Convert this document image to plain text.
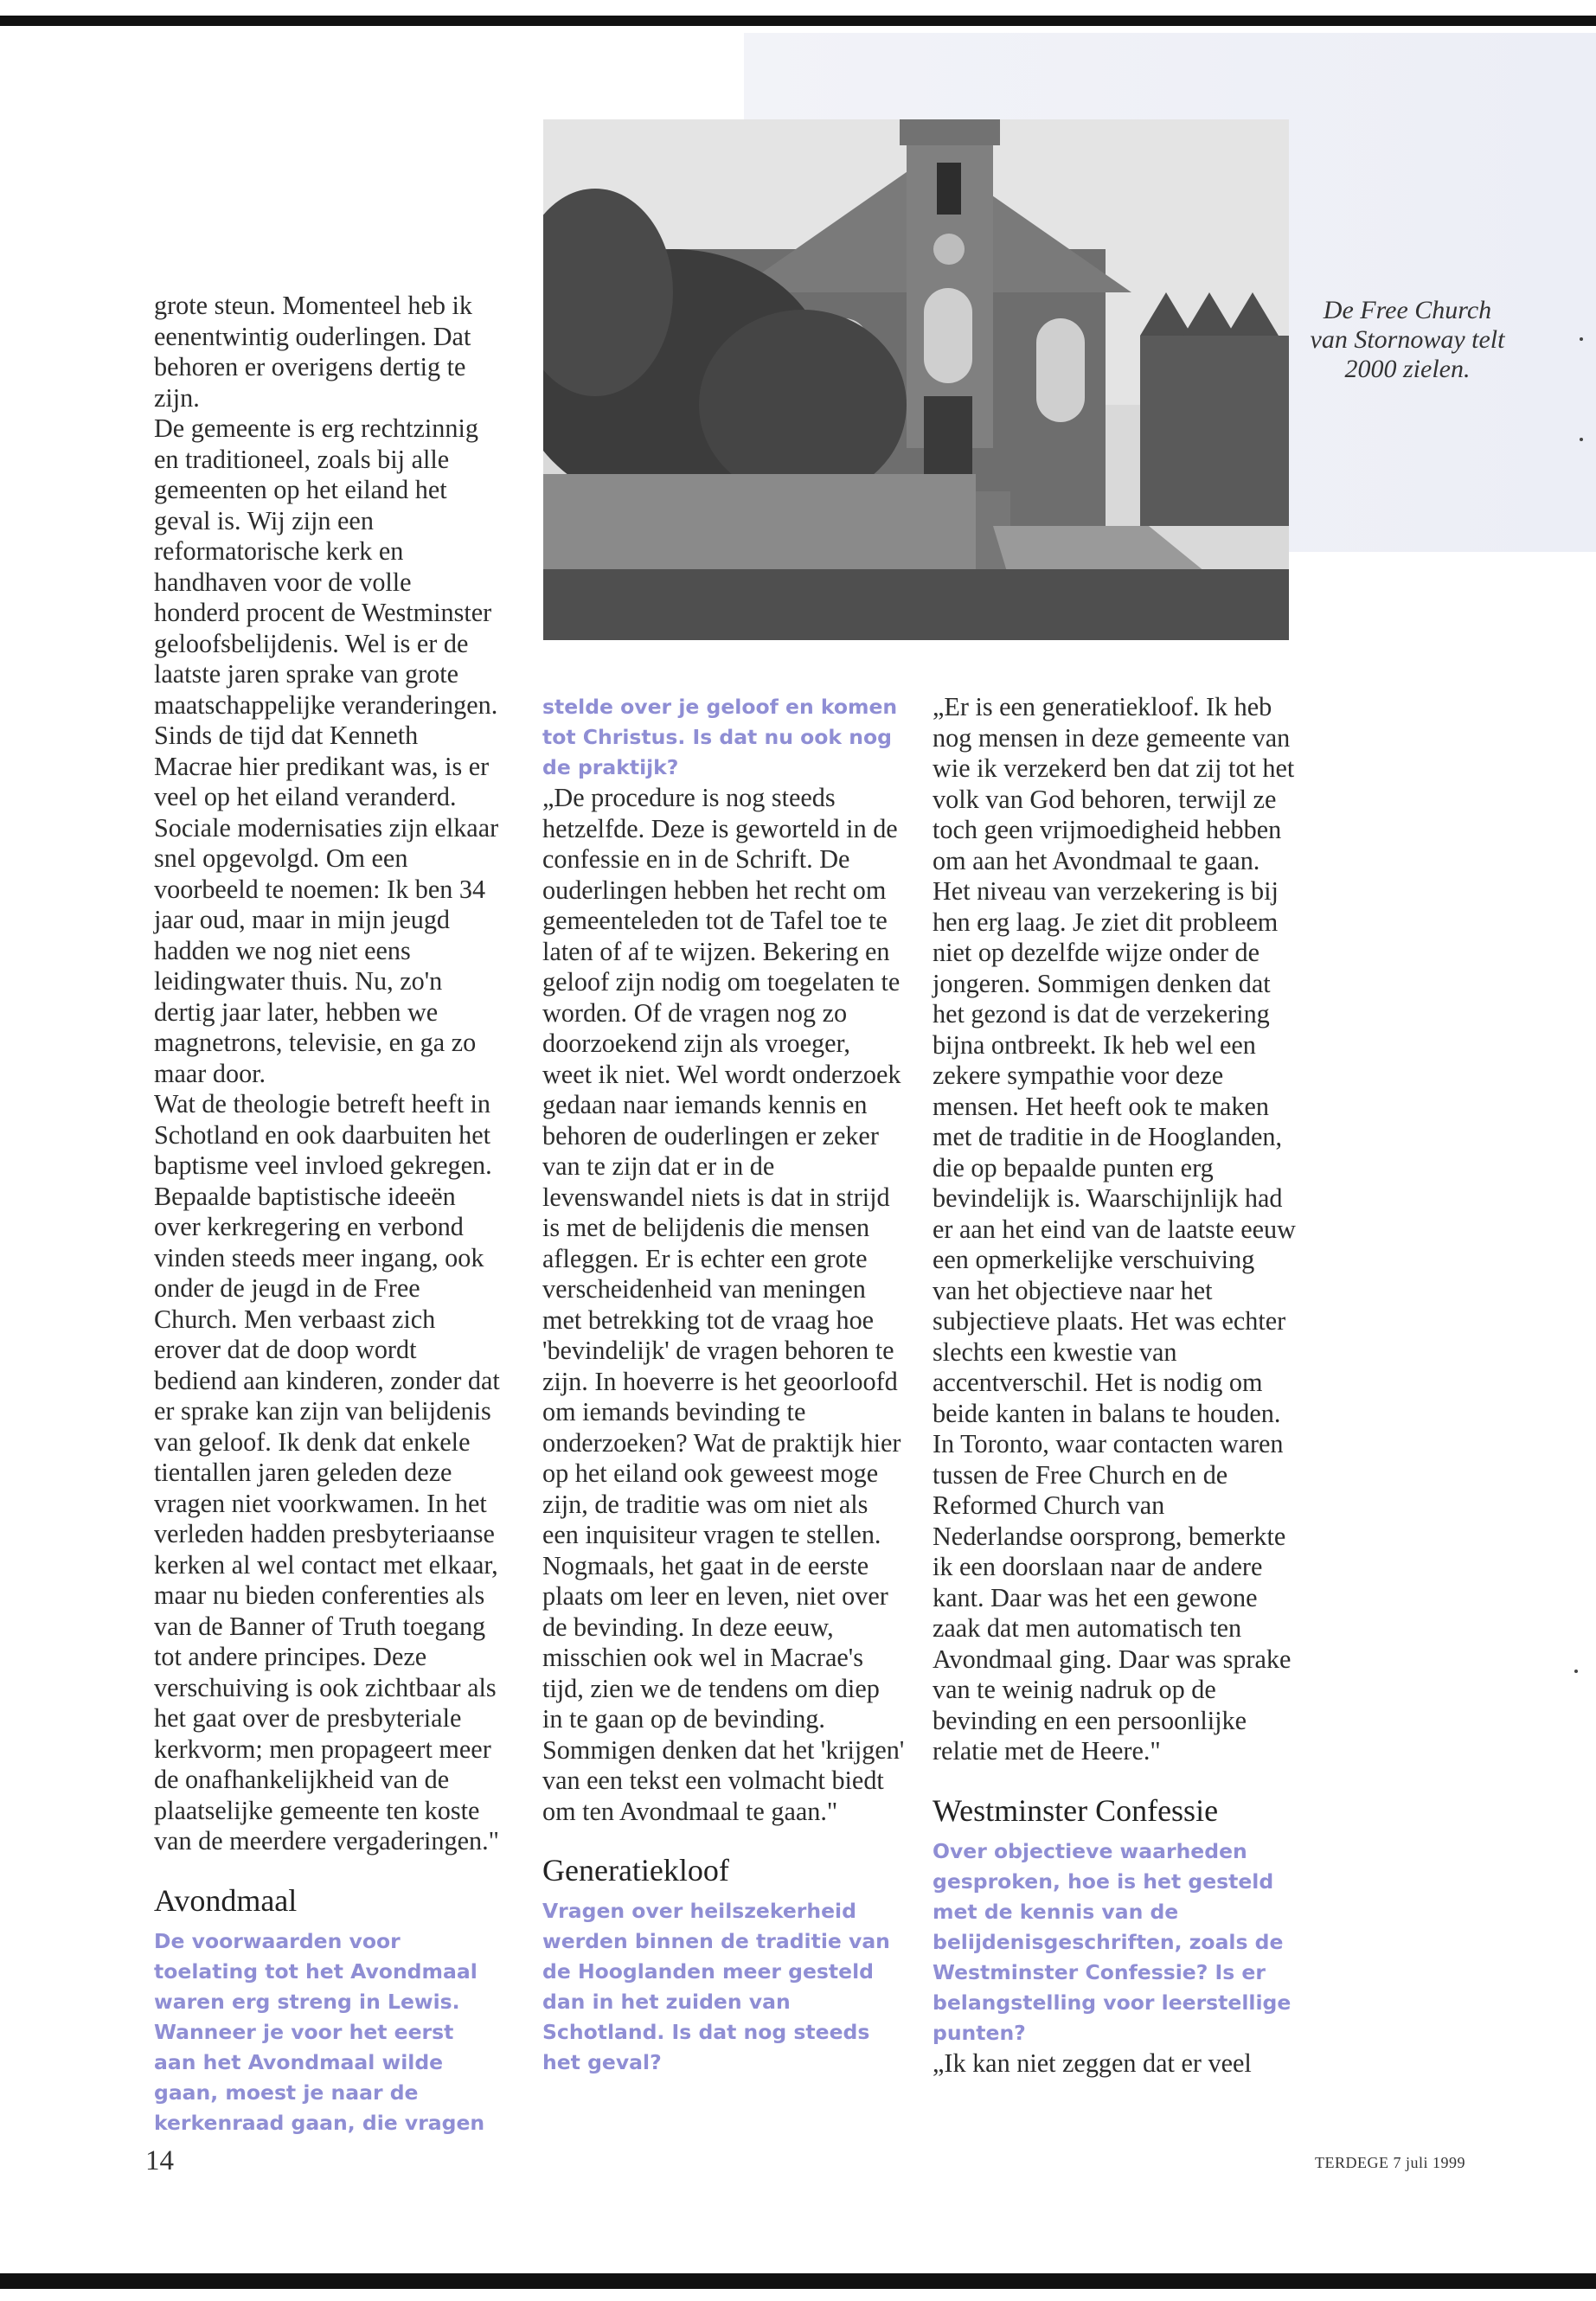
De Free Church van Stornoway telt 2000 zielen.

grote steun. Momenteel heb ik eenentwintig ouderlingen. Dat behoren er overigens dertig te zijn.

De gemeente is erg rechtzinnig en traditioneel, zoals bij alle gemeenten op het eiland het geval is. Wij zijn een reformatorische kerk en handhaven voor de volle honderd procent de Westminster geloofsbelijdenis. Wel is er de laatste jaren sprake van grote maatschappelijke veranderingen. Sinds de tijd dat Kenneth Macrae hier predikant was, is er veel op het eiland veranderd. Sociale modernisaties zijn elkaar snel opgevolgd. Om een voorbeeld te noemen: Ik ben 34 jaar oud, maar in mijn jeugd hadden we nog niet eens leidingwater thuis. Nu, zo'n dertig jaar later, hebben we magnetrons, televisie, en ga zo maar door.

Wat de theologie betreft heeft in Schotland en ook daarbuiten het baptisme veel invloed gekregen. Bepaalde baptistische ideeën over kerkregering en verbond vinden steeds meer ingang, ook onder de jeugd in de Free Church. Men verbaast zich erover dat de doop wordt bediend aan kinderen, zonder dat er sprake kan zijn van belijdenis van geloof. Ik denk dat enkele tientallen jaren geleden deze vragen niet voorkwamen. In het verleden hadden presbyteriaanse kerken al wel contact met elkaar, maar nu bieden conferenties als van de Banner of Truth toegang tot andere principes. Deze verschuiving is ook zichtbaar als het gaat over de presbyteriale kerkvorm; men propageert meer de onafhankelijkheid van de plaatselijke gemeente ten koste van de meerdere vergaderingen."

Avondmaal

De voorwaarden voor toelating tot het Avondmaal waren erg streng in Lewis. Wanneer je voor het eerst aan het Avondmaal wilde gaan, moest je naar de kerkenraad gaan, die vragen

stelde over je geloof en komen tot Christus. Is dat nu ook nog de praktijk?

„De procedure is nog steeds hetzelfde. Deze is geworteld in de confessie en in de Schrift. De ouderlingen hebben het recht om gemeenteleden tot de Tafel toe te laten of af te wijzen. Bekering en geloof zijn nodig om toegelaten te worden. Of de vragen nog zo doorzoekend zijn als vroeger, weet ik niet. Wel wordt onderzoek gedaan naar iemands kennis en behoren de ouderlingen er zeker van te zijn dat er in de levenswandel niets is dat in strijd is met de belijdenis die mensen afleggen. Er is echter een grote verscheidenheid van meningen met betrekking tot de vraag hoe 'bevindelijk' de vragen behoren te zijn. In hoeverre is het geoorloofd om iemands bevinding te onderzoeken? Wat de praktijk hier op het eiland ook geweest moge zijn, de traditie was om niet als een inquisiteur vragen te stellen. Nogmaals, het gaat in de eerste plaats om leer en leven, niet over de bevinding. In deze eeuw, misschien ook wel in Macrae's tijd, zien we de tendens om diep in te gaan op de bevinding. Sommigen denken dat het 'krijgen' van een tekst een volmacht biedt om ten Avondmaal te gaan."

Generatiekloof

Vragen over heilszekerheid werden binnen de traditie van de Hooglanden meer gesteld dan in het zuiden van Schotland. Is dat nog steeds het geval?

„Er is een generatiekloof. Ik heb nog mensen in deze gemeente van wie ik verzekerd ben dat zij tot het volk van God behoren, terwijl ze toch geen vrijmoedigheid hebben om aan het Avondmaal te gaan. Het niveau van verzekering is bij hen erg laag. Je ziet dit probleem niet op dezelfde wijze onder de jongeren. Sommigen denken dat het gezond is dat de verzekering bijna ontbreekt. Ik heb wel een zekere sympathie voor deze mensen. Het heeft ook te maken met de traditie in de Hooglanden, die op bepaalde punten erg bevindelijk is. Waarschijnlijk had er aan het eind van de laatste eeuw een opmerkelijke verschuiving van het objectieve naar het subjectieve plaats. Het was echter slechts een kwestie van accentverschil. Het is nodig om beide kanten in balans te houden. In Toronto, waar contacten waren tussen de Free Church en de Reformed Church van Nederlandse oorsprong, bemerkte ik een doorslaan naar de andere kant. Daar was het een gewone zaak dat men automatisch ten Avondmaal ging. Daar was sprake van te weinig nadruk op de bevinding en een persoonlijke relatie met de Heere."

Westminster Confessie

Over objectieve waarheden gesproken, hoe is het gesteld met de kennis van de belijdenisgeschriften, zoals de Westminster Confessie? Is er belangstelling voor leerstellige punten?

„Ik kan niet zeggen dat er veel

14	TERDEGE 7 juli 1999
